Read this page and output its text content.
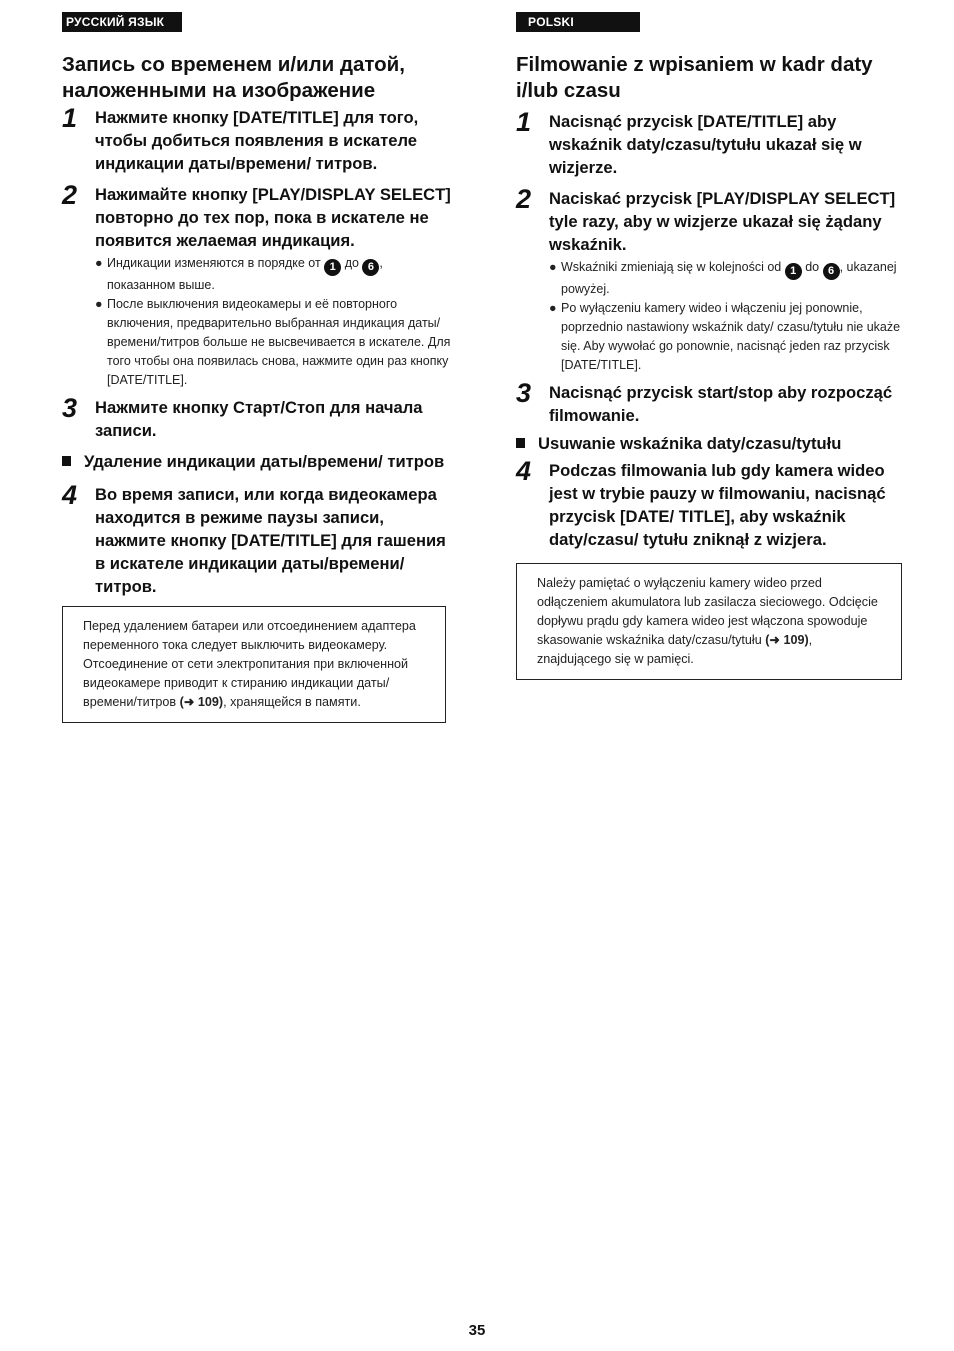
РУССКИЙ ЯЗЫК
Запись со временем и/или датой, наложенными на изображение
1 Нажмите кнопку [DATE/TITLE] для того, чтобы добиться появления в искателе индикации даты/времени/ титров.
2 Нажимайте кнопку [PLAY/DISPLAY SELECT] повторно до тех пор, пока в искателе не появится желаемая индикация.
● Индикации изменяются в порядке от 1 до 6 , показанном выше.
● После выключения видеокамеры и её повторного включения, предварительно выбранная индикация даты/времени/титров больше не высвечивается в искателе. Для того чтобы она появилась снова, нажмите один раз кнопку [DATE/TITLE].
3 Нажмите кнопку Старт/Стоп для начала записи.
Удаление индикации даты/времени/ титров
4 Во время записи, или когда видеокамера находится в режиме паузы записи, нажмите кнопку [DATE/TITLE] для гашения в искателе индикации даты/времени/ титров.
Перед удалением батареи или отсоединением адаптера переменного тока следует выключить видеокамеру. Отсоединение от сети электропитания при включенной видеокамере приводит к стиранию индикации даты/времени/титров (➜ 109), хранящейся в памяти.
POLSKI
Filmowanie z wpisaniem w kadr daty i/lub czasu
1 Nacisnąć przycisk [DATE/TITLE] aby wskaźnik daty/czasu/tytułu ukazał się w wizjerze.
2 Naciskać przycisk [PLAY/DISPLAY SELECT] tyle razy, aby w wizjerze ukazał się żądany wskaźnik.
● Wskaźniki zmieniają się w kolejności od 1 do 6 , ukazanej powyżej.
● Po wyłączeniu kamery wideo i włączeniu jej ponownie, poprzednio nastawiony wskaźnik daty/ czasu/tytułu nie ukaże się. Aby wywołać go ponownie, nacisnąć jeden raz przycisk [DATE/TITLE].
3 Nacisnąć przycisk start/stop aby rozpocząć filmowanie.
Usuwanie wskaźnika daty/czasu/tytułu
4 Podczas filmowania lub gdy kamera wideo jest w trybie pauzy w filmowaniu, nacisnąć przycisk [DATE/ TITLE], aby wskaźnik daty/czasu/ tytułu zniknął z wizjera.
Należy pamiętać o wyłączeniu kamery wideo przed odłączeniem akumulatora lub zasilacza sieciowego. Odcięcie dopływu prądu gdy kamera wideo jest włączona spowoduje skasowanie wskaźnika daty/czasu/tytułu (➜ 109), znajdującego się w pamięci.
35
